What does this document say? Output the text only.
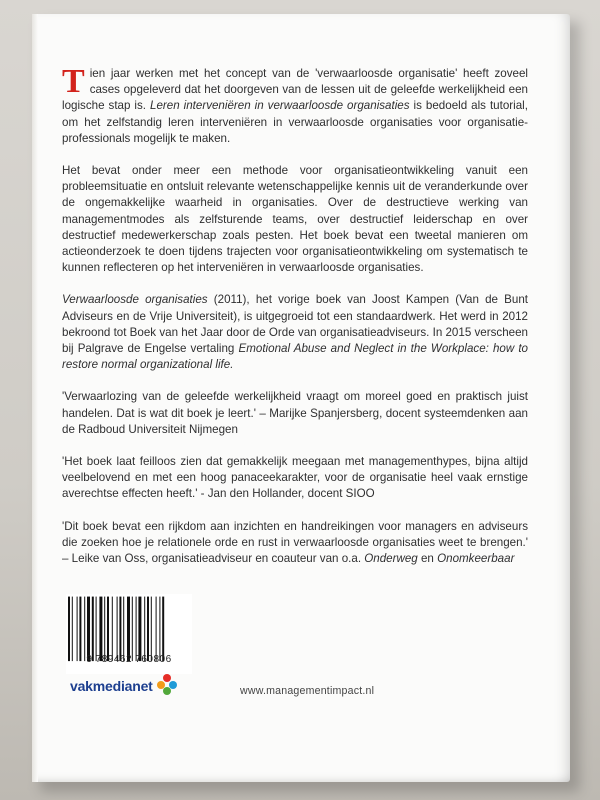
Tien jaar werken met het concept van de 'verwaarloosde organisatie' heeft zoveel cases opgeleverd dat het doorgeven van de lessen uit de geleefde werkelijkheid een logische stap is. Leren interveniëren in verwaarloosde organisaties is bedoeld als tutorial, om het zelfstandig leren interveniëren in verwaarloosde organisaties voor organisatie-professionals mogelijk te maken.

Het bevat onder meer een methode voor organisatieontwikkeling vanuit een probleemsituatie en ontsluit relevante wetenschappelijke kennis uit de veranderkunde over de ongemakkelijke waarheid in organisaties. Over de destructieve werking van managementmodes als zelfsturende teams, over destructief leiderschap en over destructief medewerkerschap zoals pesten. Het boek bevat een tweetal manieren om actieonderzoek te doen tijdens trajecten voor organisatieontwikkeling om systematisch te kunnen reflecteren op het interveniëren in verwaarloosde organisaties.

Verwaarloosde organisaties (2011), het vorige boek van Joost Kampen (Van de Bunt Adviseurs en de Vrije Universiteit), is uitgegroeid tot een standaardwerk. Het werd in 2012 bekroond tot Boek van het Jaar door de Orde van organisatieadviseurs. In 2015 verscheen bij Palgrave de Engelse vertaling Emotional Abuse and Neglect in the Workplace: how to restore normal organizational life.

'Verwaarlozing van de geleefde werkelijkheid vraagt om moreel goed en praktisch juist handelen. Dat is wat dit boek je leert.' – Marijke Spanjersberg, docent systeemdenken aan de Radboud Universiteit Nijmegen

'Het boek laat feilloos zien dat gemakkelijk meegaan met managementhypes, bijna altijd veelbelovend en met een hoog panaceekarakter, voor de organisatie heel vaak ernstige averechtse effecten heeft.' - Jan den Hollander, docent SIOO

'Dit boek bevat een rijkdom aan inzichten en handreikingen voor managers en adviseurs die zoeken hoe je relationele orde en rust in verwaarloosde organisaties weet te brengen.' – Leike van Oss, organisatieadviseur en coauteur van o.a. Onderweg en Onomkeerbaar

9 789462 760806
vakmedianet	www.managementimpact.nl
